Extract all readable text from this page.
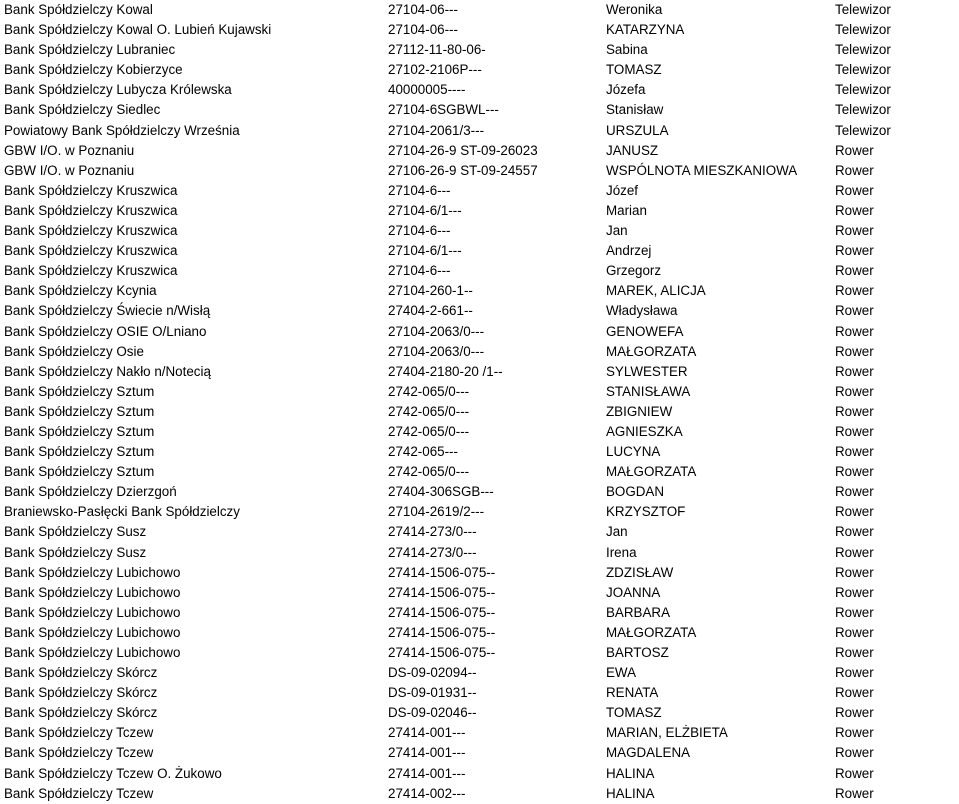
Bank Spółdzielczy Kowal	27104-06---	Weronika	Telewizor
Bank Spółdzielczy Kowal O. Lubień Kujawski	27104-06---	KATARZYNA	Telewizor
Bank Spółdzielczy Lubraniec	27112-11-80-06-	Sabina	Telewizor
Bank Spółdzielczy Kobierzyce	27102-2106P---	TOMASZ	Telewizor
Bank Spółdzielczy Lubycza Królewska	40000005----	Józefa	Telewizor
Bank Spółdzielczy Siedlec	27104-6SGBWL---	Stanisław	Telewizor
Powiatowy Bank Spółdzielczy Września	27104-2061/3---	URSZULA	Telewizor
GBW I/O. w Poznaniu	27104-26-9 ST-09-26023	JANUSZ	Rower
GBW I/O. w Poznaniu	27106-26-9 ST-09-24557	WSPÓLNOTA MIESZKANIOWA	Rower
Bank Spółdzielczy Kruszwica	27104-6---	Józef	Rower
Bank Spółdzielczy Kruszwica	27104-6/1---	Marian	Rower
Bank Spółdzielczy Kruszwica	27104-6---	Jan	Rower
Bank Spółdzielczy Kruszwica	27104-6/1---	Andrzej	Rower
Bank Spółdzielczy Kruszwica	27104-6---	Grzegorz	Rower
Bank Spółdzielczy Kcynia	27104-260-1--	MAREK, ALICJA	Rower
Bank Spółdzielczy Świecie n/Wisłą	27404-2-661--	Władysława	Rower
Bank Spółdzielczy OSIE O/Lniano	27104-2063/0---	GENOWEFA	Rower
Bank Spółdzielczy Osie	27104-2063/0---	MAŁGORZATA	Rower
Bank Spółdzielczy Nakło n/Notecią	27404-2180-20 /1--	SYLWESTER	Rower
Bank Spółdzielczy Sztum	2742-065/0---	STANISŁAWA	Rower
Bank Spółdzielczy Sztum	2742-065/0---	ZBIGNIEW	Rower
Bank Spółdzielczy Sztum	2742-065/0---	AGNIESZKA	Rower
Bank Spółdzielczy Sztum	2742-065---	LUCYNA	Rower
Bank Spółdzielczy Sztum	2742-065/0---	MAŁGORZATA	Rower
Bank Spółdzielczy Dzierzgoń	27404-306SGB---	BOGDAN	Rower
Braniewsko-Pasłęcki Bank Spółdzielczy	27104-2619/2---	KRZYSZTOF	Rower
Bank Spółdzielczy Susz	27414-273/0---	Jan	Rower
Bank Spółdzielczy Susz	27414-273/0---	Irena	Rower
Bank Spółdzielczy Lubichowo	27414-1506-075--	ZDZISŁAW	Rower
Bank Spółdzielczy Lubichowo	27414-1506-075--	JOANNA	Rower
Bank Spółdzielczy Lubichowo	27414-1506-075--	BARBARA	Rower
Bank Spółdzielczy Lubichowo	27414-1506-075--	MAŁGORZATA	Rower
Bank Spółdzielczy Lubichowo	27414-1506-075--	BARTOSZ	Rower
Bank Spółdzielczy Skórcz	DS-09-02094--	EWA	Rower
Bank Spółdzielczy Skórcz	DS-09-01931--	RENATA	Rower
Bank Spółdzielczy Skórcz	DS-09-02046--	TOMASZ	Rower
Bank Spółdzielczy Tczew	27414-001---	MARIAN, ELŻBIETA	Rower
Bank Spółdzielczy Tczew	27414-001---	MAGDALENA	Rower
Bank Spółdzielczy Tczew O. Żukowo	27414-001---	HALINA	Rower
Bank Spółdzielczy Tczew	27414-002---	HALINA	Rower
